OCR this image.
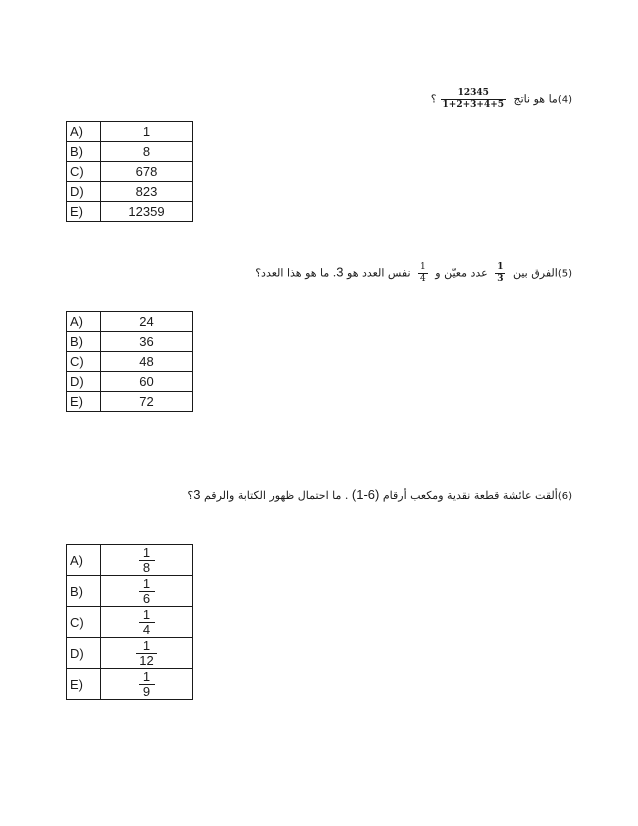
(4)ما هو ناتج
$\frac{12345}{1+2+3+4+5}$
؟
A)	1
B)	8
C)	678
D)	823
E)	12359
(5)الفرق بين
$\frac{1}{3}$
عدد معيّن و
$\frac{1}{4}$
نفس العدد هو 3. ما هو هذا العدد؟
A)	24
B)	36
C)	48
D)	60
E)	72
(6)ألقت عائشة قطعة نقدية ومكعب أرقام (1-6) . ما احتمال ظهور الكتابة والرقم 3؟
A)	$\frac{1}{8}$

B)	$\frac{1}{6}$

C)	$\frac{1}{4}$

D)	$\frac{1}{12}$

E)	$\frac{1}{9}$
